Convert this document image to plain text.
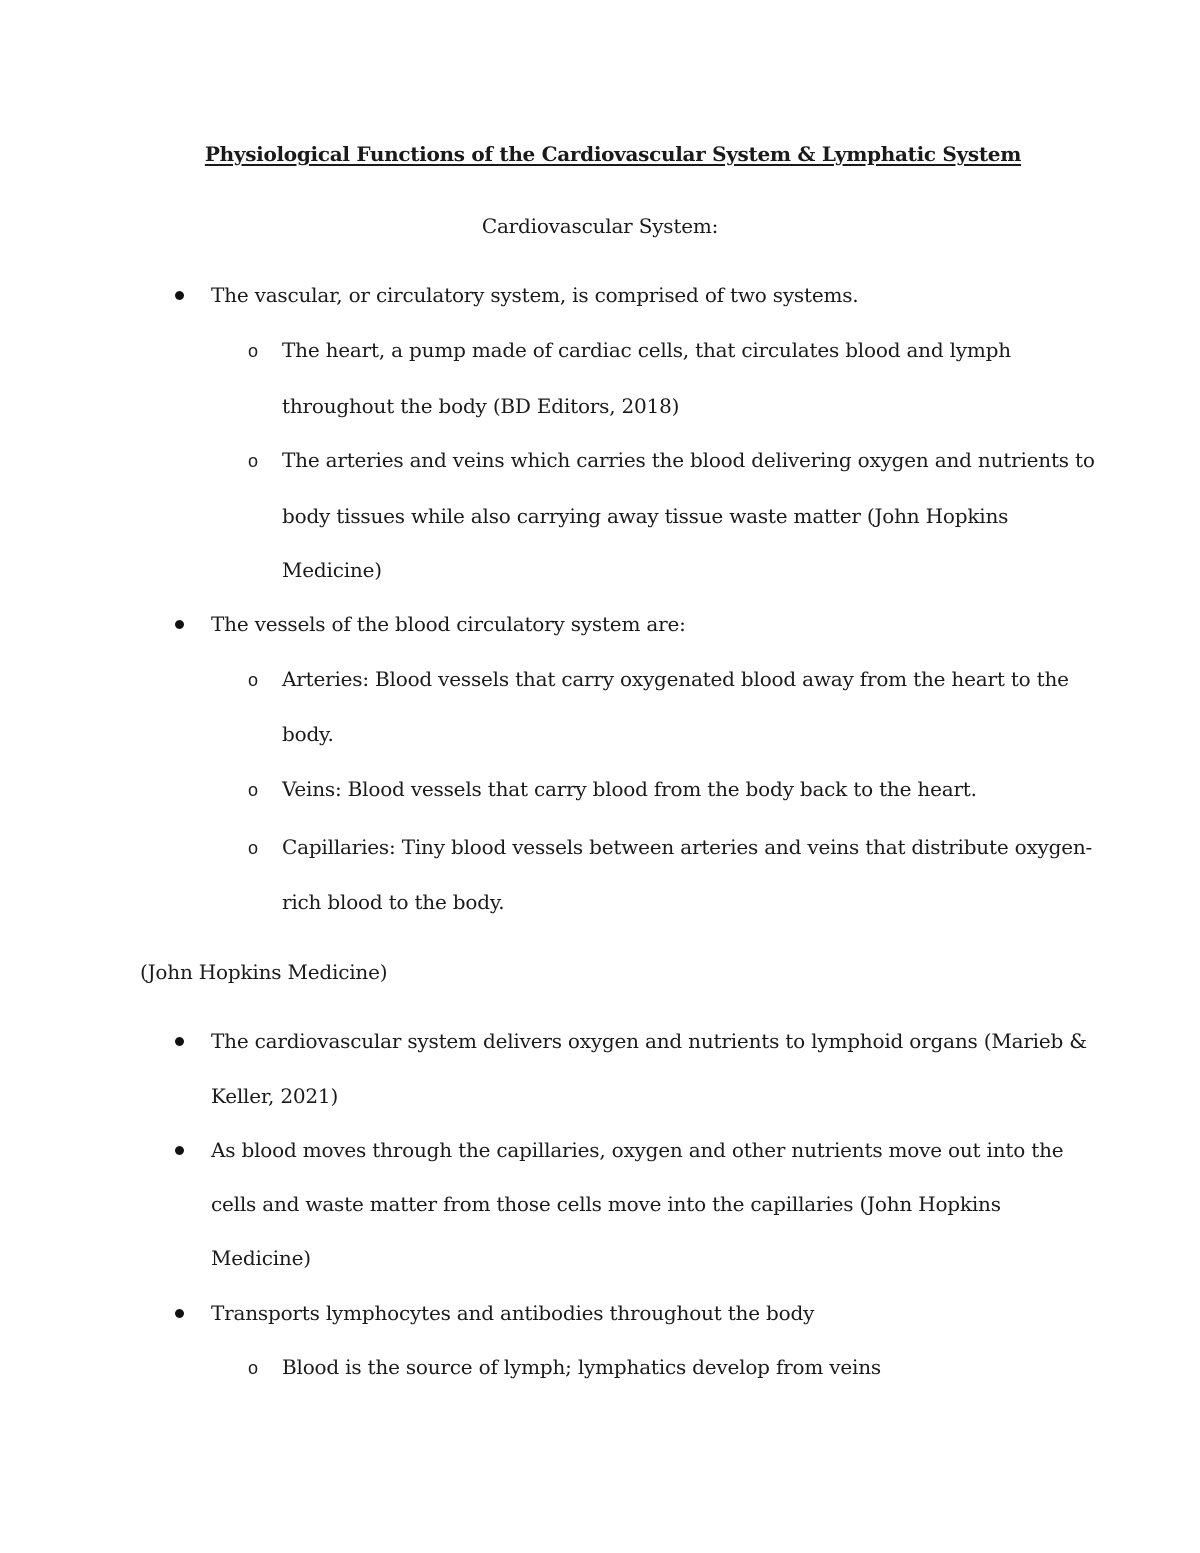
Physiological Functions of the Cardiovascular System & Lymphatic System
Cardiovascular System:
The vascular, or circulatory system, is comprised of two systems.
o The heart, a pump made of cardiac cells, that circulates blood and lymph
throughout the body (BD Editors, 2018)
o The arteries and veins which carries the blood delivering oxygen and nutrients to
body tissues while also carrying away tissue waste matter (John Hopkins
Medicine)
The vessels of the blood circulatory system are:
o Arteries: Blood vessels that carry oxygenated blood away from the heart to the
body.
o Veins: Blood vessels that carry blood from the body back to the heart.
o Capillaries: Tiny blood vessels between arteries and veins that distribute oxygen-
rich blood to the body.
(John Hopkins Medicine)
The cardiovascular system delivers oxygen and nutrients to lymphoid organs (Marieb &
Keller, 2021)
As blood moves through the capillaries, oxygen and other nutrients move out into the
cells and waste matter from those cells move into the capillaries (John Hopkins
Medicine)
Transports lymphocytes and antibodies throughout the body
o Blood is the source of lymph; lymphatics develop from veins
